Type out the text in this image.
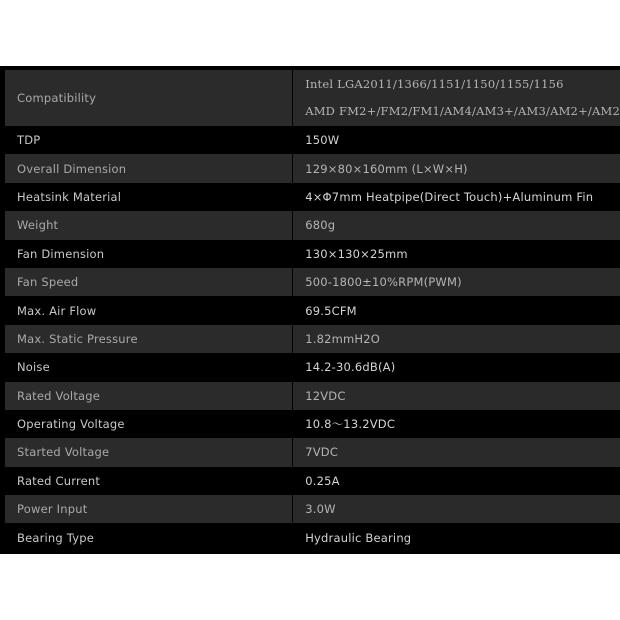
Compatibility	Intel LGA2011/1366/1151/1150/1155/1156
AMD FM2+/FM2/FM1/AM4/AM3+/AM3/AM2+/AM2

TDP	150W
Overall Dimension	129×80×160mm (L×W×H)
Heatsink Material	4×Φ7mm Heatpipe(Direct Touch)+Aluminum Fin
Weight	680g
Fan Dimension	130×130×25mm
Fan Speed	500-1800±10%RPM(PWM)
Max. Air Flow	69.5CFM
Max. Static Pressure	1.82mmH2O
Noise	14.2-30.6dB(A)
Rated Voltage	12VDC
Operating Voltage	10.8～13.2VDC
Started Voltage	7VDC
Rated Current	0.25A
Power Input	3.0W
Bearing Type	Hydraulic Bearing
